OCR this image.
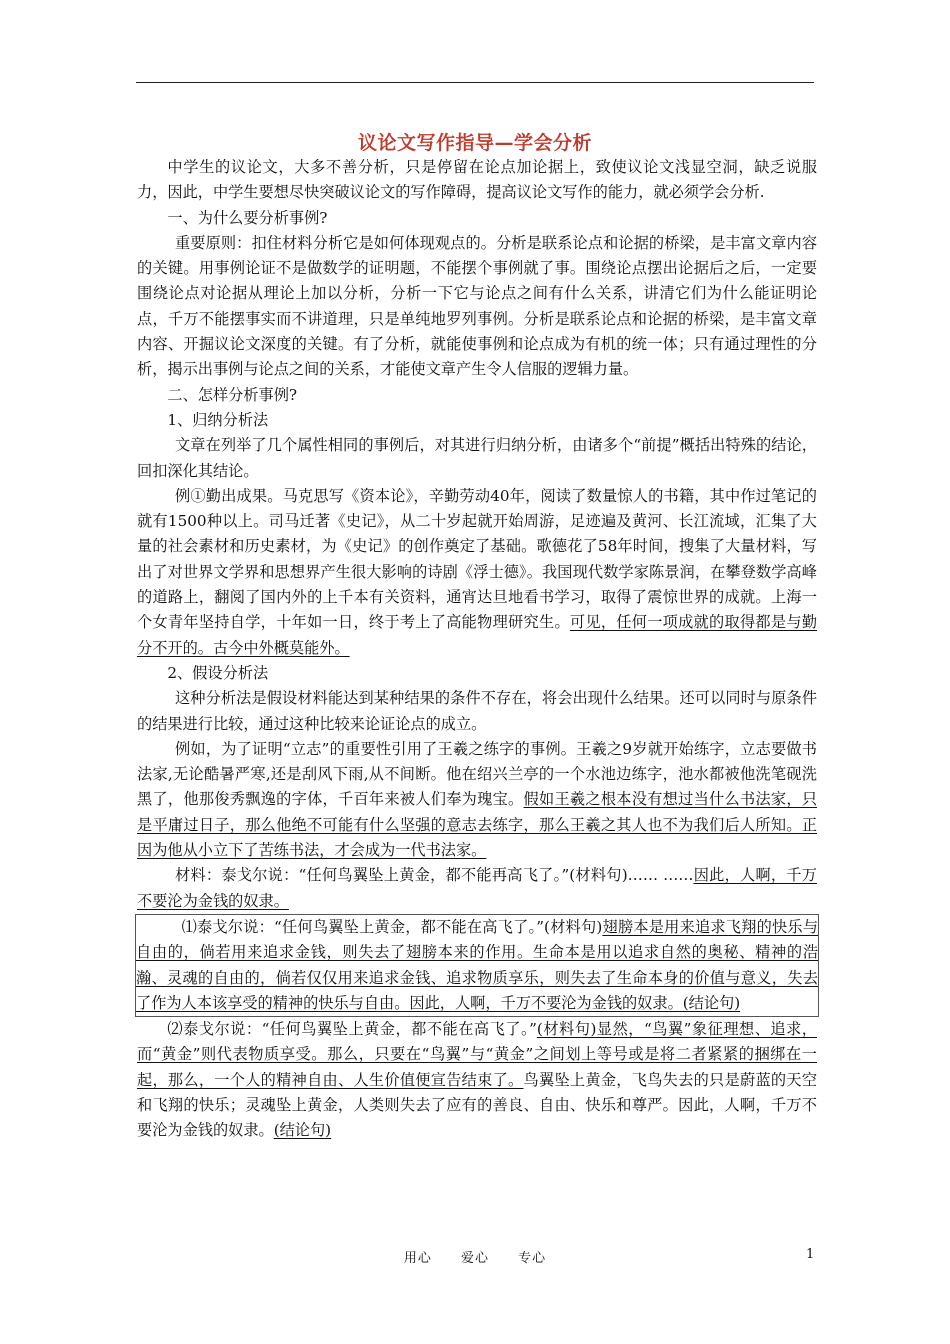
议论文写作指导—学会分析

中学生的议论文，大多不善分析，只是停留在论点加论据上，致使议论文浅显空洞，缺乏说服力，因此，中学生要想尽快突破议论文的写作障碍，提高议论文写作的能力，就必须学会分析.

一、为什么要分析事例?

重要原则：扣住材料分析它是如何体现观点的。分析是联系论点和论据的桥梁，是丰富文章内容的关键。用事例论证不是做数学的证明题，不能摆个事例就了事。围绕论点摆出论据后之后，一定要围绕论点对论据从理论上加以分析，分析一下它与论点之间有什么关系，讲清它们为什么能证明论点，千万不能摆事实而不讲道理，只是单纯地罗列事例。分析是联系论点和论据的桥梁，是丰富文章内容、开掘议论文深度的关键。有了分析，就能使事例和论点成为有机的统一体；只有通过理性的分析，揭示出事例与论点之间的关系，才能使文章产生令人信服的逻辑力量。

二、怎样分析事例?

1、归纳分析法

文章在列举了几个属性相同的事例后，对其进行归纳分析，由诸多个“前提”概括出特殊的结论，回扣深化其结论。

例①勤出成果。马克思写《资本论》，辛勤劳动40年，阅读了数量惊人的书籍，其中作过笔记的就有1500种以上。司马迁著《史记》，从二十岁起就开始周游，足迹遍及黄河、长江流域，汇集了大量的社会素材和历史素材，为《史记》的创作奠定了基础。歌德花了58年时间，搜集了大量材料，写出了对世界文学界和思想界产生很大影响的诗剧《浮士德》。我国现代数学家陈景润，在攀登数学高峰的道路上，翻阅了国内外的上千本有关资料，通宵达旦地看书学习，取得了震惊世界的成就。上海一个女青年坚持自学，十年如一日，终于考上了高能物理研究生。可见，任何一项成就的取得都是与勤分不开的。古今中外概莫能外。

2、假设分析法

这种分析法是假设材料能达到某种结果的条件不存在，将会出现什么结果。还可以同时与原条件的结果进行比较，通过这种比较来论证论点的成立。

例如，为了证明“立志”的重要性引用了王羲之练字的事例。王羲之9岁就开始练字，立志要做书法家,无论酷暑严寒,还是刮风下雨,从不间断。他在绍兴兰亭的一个水池边练字，池水都被他洗笔砚洗黑了，他那俊秀飘逸的字体，千百年来被人们奉为瑰宝。假如王羲之根本没有想过当什么书法家，只是平庸过日子，那么他绝不可能有什么坚强的意志去练字，那么王羲之其人也不为我们后人所知。正因为他从小立下了苦练书法，才会成为一代书法家。

材料：泰戈尔说：“任何鸟翼坠上黄金，都不能再高飞了。”(材料句)…… ……因此，人啊，千万不要沦为金钱的奴隶。

⑴泰戈尔说：“任何鸟翼坠上黄金，都不能在高飞了。”(材料句)翅膀本是用来追求飞翔的快乐与自由的，倘若用来追求金钱，则失去了翅膀本来的作用。生命本是用以追求自然的奥秘、精神的浩瀚、灵魂的自由的，倘若仅仅用来追求金钱、追求物质享乐，则失去了生命本身的价值与意义，失去了作为人本该享受的精神的快乐与自由。因此，人啊，千万不要沦为金钱的奴隶。(结论句)

⑵泰戈尔说：“任何鸟翼坠上黄金，都不能在高飞了。”(材料句)显然，“鸟翼”象征理想、追求，而“黄金”则代表物质享受。那么，只要在“鸟翼”与“黄金”之间划上等号或是将二者紧紧的捆绑在一起，那么，一个人的精神自由、人生价值便宣告结束了。鸟翼坠上黄金，飞鸟失去的只是蔚蓝的天空和飞翔的快乐；灵魂坠上黄金，人类则失去了应有的善良、自由、快乐和尊严。因此，人啊，千万不要沦为金钱的奴隶。(结论句)

用心 爱心 专心	1
